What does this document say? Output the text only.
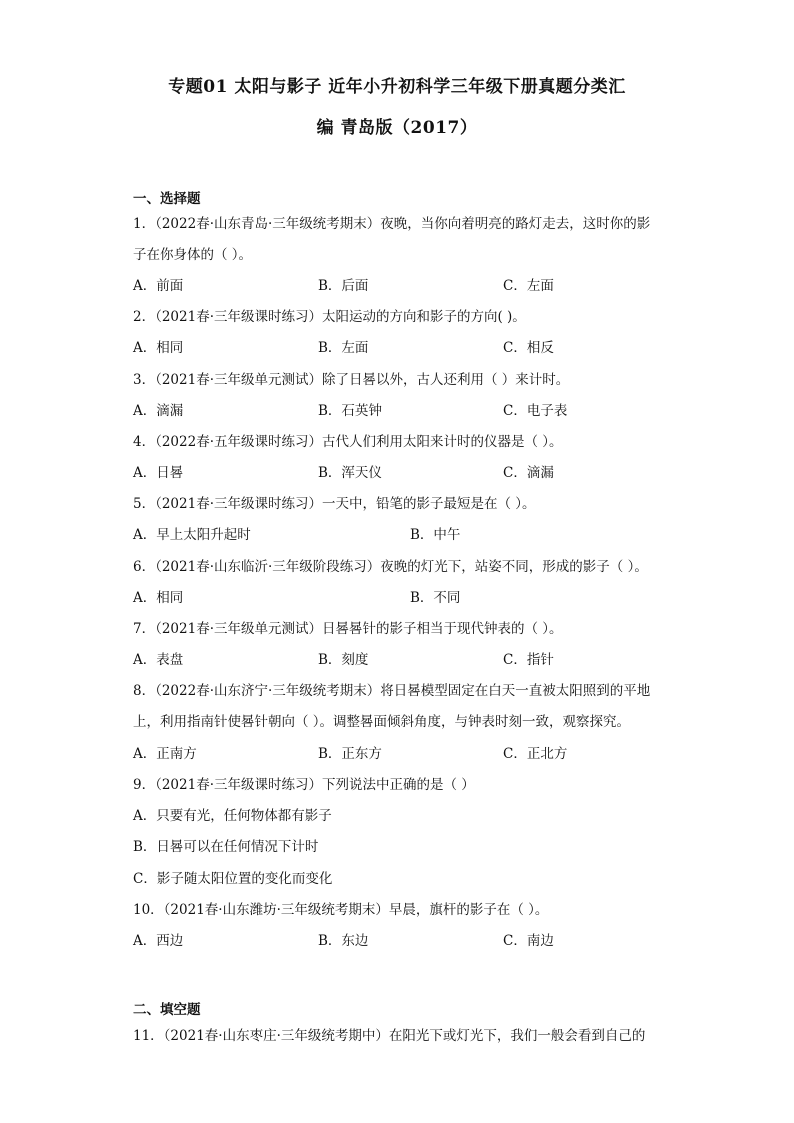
专题01 太阳与影子 近年小升初科学三年级下册真题分类汇
编 青岛版（2017）
一、选择题
1．（2022春·山东青岛·三年级统考期末）夜晚，当你向着明亮的路灯走去，这时你的影
子在你身体的（ ）。
A．前面	B．后面	C．左面
2．（2021春·三年级课时练习）太阳运动的方向和影子的方向( )。
A．相同	B．左面	C．相反
3．（2021春·三年级单元测试）除了日晷以外，古人还利用（ ）来计时。
A．滴漏	B．石英钟	C．电子表
4．（2022春·五年级课时练习）古代人们利用太阳来计时的仪器是（ ）。
A．日晷	B．浑天仪	C．滴漏
5．（2021春·三年级课时练习）一天中，铅笔的影子最短是在（ ）。
A．早上太阳升起时	B．中午
6．（2021春·山东临沂·三年级阶段练习）夜晚的灯光下，站姿不同，形成的影子（ ）。
A．相同	B．不同
7．（2021春·三年级单元测试）日晷晷针的影子相当于现代钟表的（ ）。
A．表盘	B．刻度	C．指针
8．（2022春·山东济宁·三年级统考期末）将日晷模型固定在白天一直被太阳照到的平地
上，利用指南针使晷针朝向（ ）。调整晷面倾斜角度，与钟表时刻一致，观察探究。
A．正南方	B．正东方	C．正北方
9．（2021春·三年级课时练习）下列说法中正确的是（ ）
A．只要有光，任何物体都有影子
B．日晷可以在任何情况下计时
C．影子随太阳位置的变化而变化
10．（2021春·山东潍坊·三年级统考期末）早晨，旗杆的影子在（ ）。
A．西边	B．东边	C．南边
二、填空题
11．（2021春·山东枣庄·三年级统考期中）在阳光下或灯光下，我们一般会看到自己的
